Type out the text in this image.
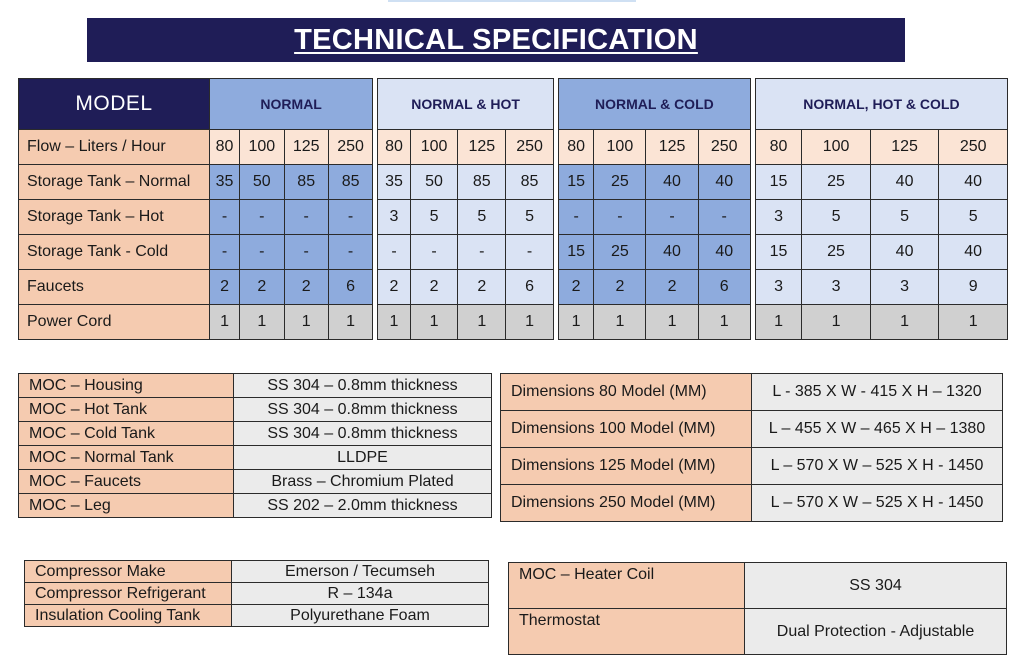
TECHNICAL SPECIFICATION
MODEL	NORMAL					NORMAL & HOT					NORMAL & COLD					NORMAL, HOT & COLD			
Flow – Liters / Hour	80	100	125	250		80	100	125	250		80	100	125	250		80	100	125	250
Storage Tank – Normal	35	50	85	85		35	50	85	85		15	25	40	40		15	25	40	40
Storage Tank – Hot	-	-	-	-		3	5	5	5		-	-	-	-		3	5	5	5
Storage Tank - Cold	-	-	-	-		-	-	-	-		15	25	40	40		15	25	40	40
Faucets	2	2	2	6		2	2	2	6		2	2	2	6		3	3	3	9
Power Cord	1	1	1	1		1	1	1	1		1	1	1	1		1	1	1	1
MOC – Housing	SS 304 – 0.8mm thickness
MOC – Hot Tank	SS 304 – 0.8mm thickness
MOC – Cold Tank	SS 304 – 0.8mm thickness
MOC – Normal Tank	LLDPE
MOC – Faucets	Brass – Chromium Plated
MOC – Leg	SS 202 – 2.0mm thickness
Dimensions 80 Model (MM)	L - 385 X W - 415 X H – 1320
Dimensions 100 Model (MM)	L – 455 X W – 465 X H – 1380
Dimensions 125 Model (MM)	L – 570 X W – 525 X H - 1450
Dimensions 250 Model (MM)	L – 570 X W – 525 X H - 1450
Compressor Make	Emerson / Tecumseh
Compressor Refrigerant	R – 134a
Insulation Cooling Tank	Polyurethane Foam
MOC – Heater Coil	SS 304
Thermostat	Dual Protection - Adjustable
